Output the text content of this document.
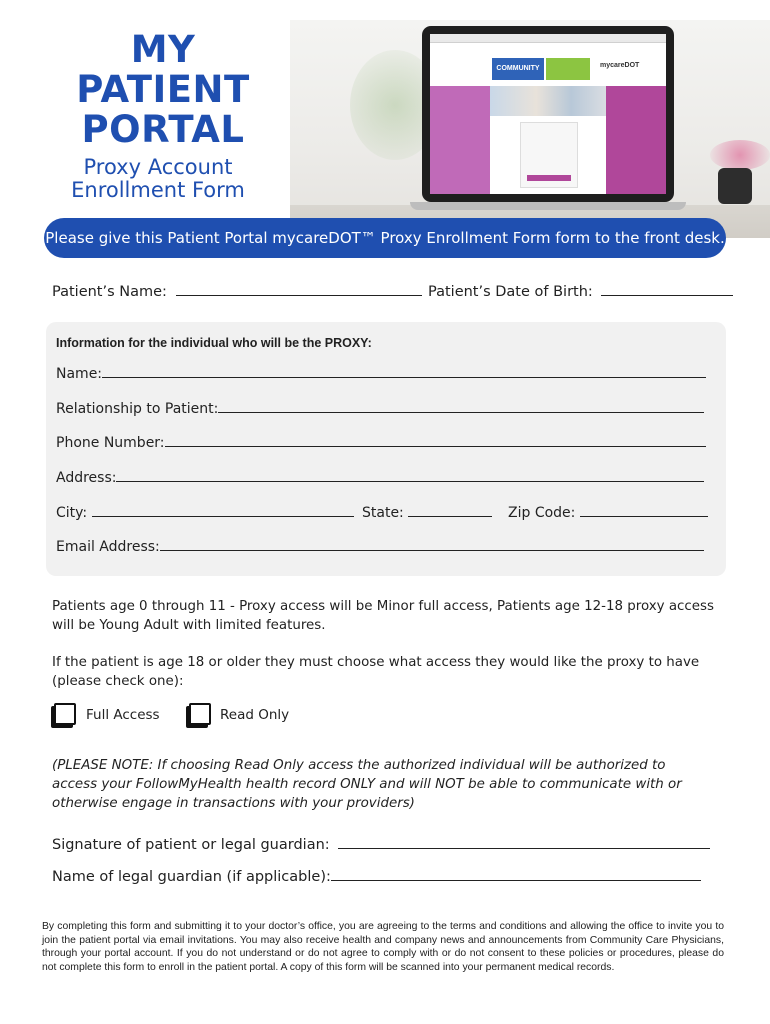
MY
PATIENT
PORTAL
Proxy Account
Enrollment Form
COMMUNITY	mycareDOT
Please give this Patient Portal mycareDOT™ Proxy Enrollment Form form to the front desk.
Patient’s Name:	Patient’s Date of Birth:
Information for the individual who will be the PROXY:
Name:
Relationship to Patient:
Phone Number:
Address:
City:	State:	Zip Code:
Email Address:
Patients age 0 through 11 - Proxy access will be Minor full access, Patients age 12-18 proxy access will be Young Adult with limited features.
If the patient is age 18 or older they must choose what access they would like the proxy to have (please check one):
Full Access	Read Only
(PLEASE NOTE: If choosing Read Only access the authorized individual will be authorized to access your FollowMyHealth health record ONLY and will NOT be able to communicate with or otherwise engage in transactions with your providers)
Signature of patient or legal guardian:
Name of legal guardian (if applicable):
By completing this form and submitting it to your doctor’s office, you are agreeing to the terms and conditions and allowing the office to invite you to join the patient portal via email invitations. You may also receive health and company news and announcements from Community Care Physicians, through your portal account. If you do not understand or do not agree to comply with or do not consent to these policies or procedures, please do not complete this form to enroll in the patient portal. A copy of this form will be scanned into your permanent medical records.
